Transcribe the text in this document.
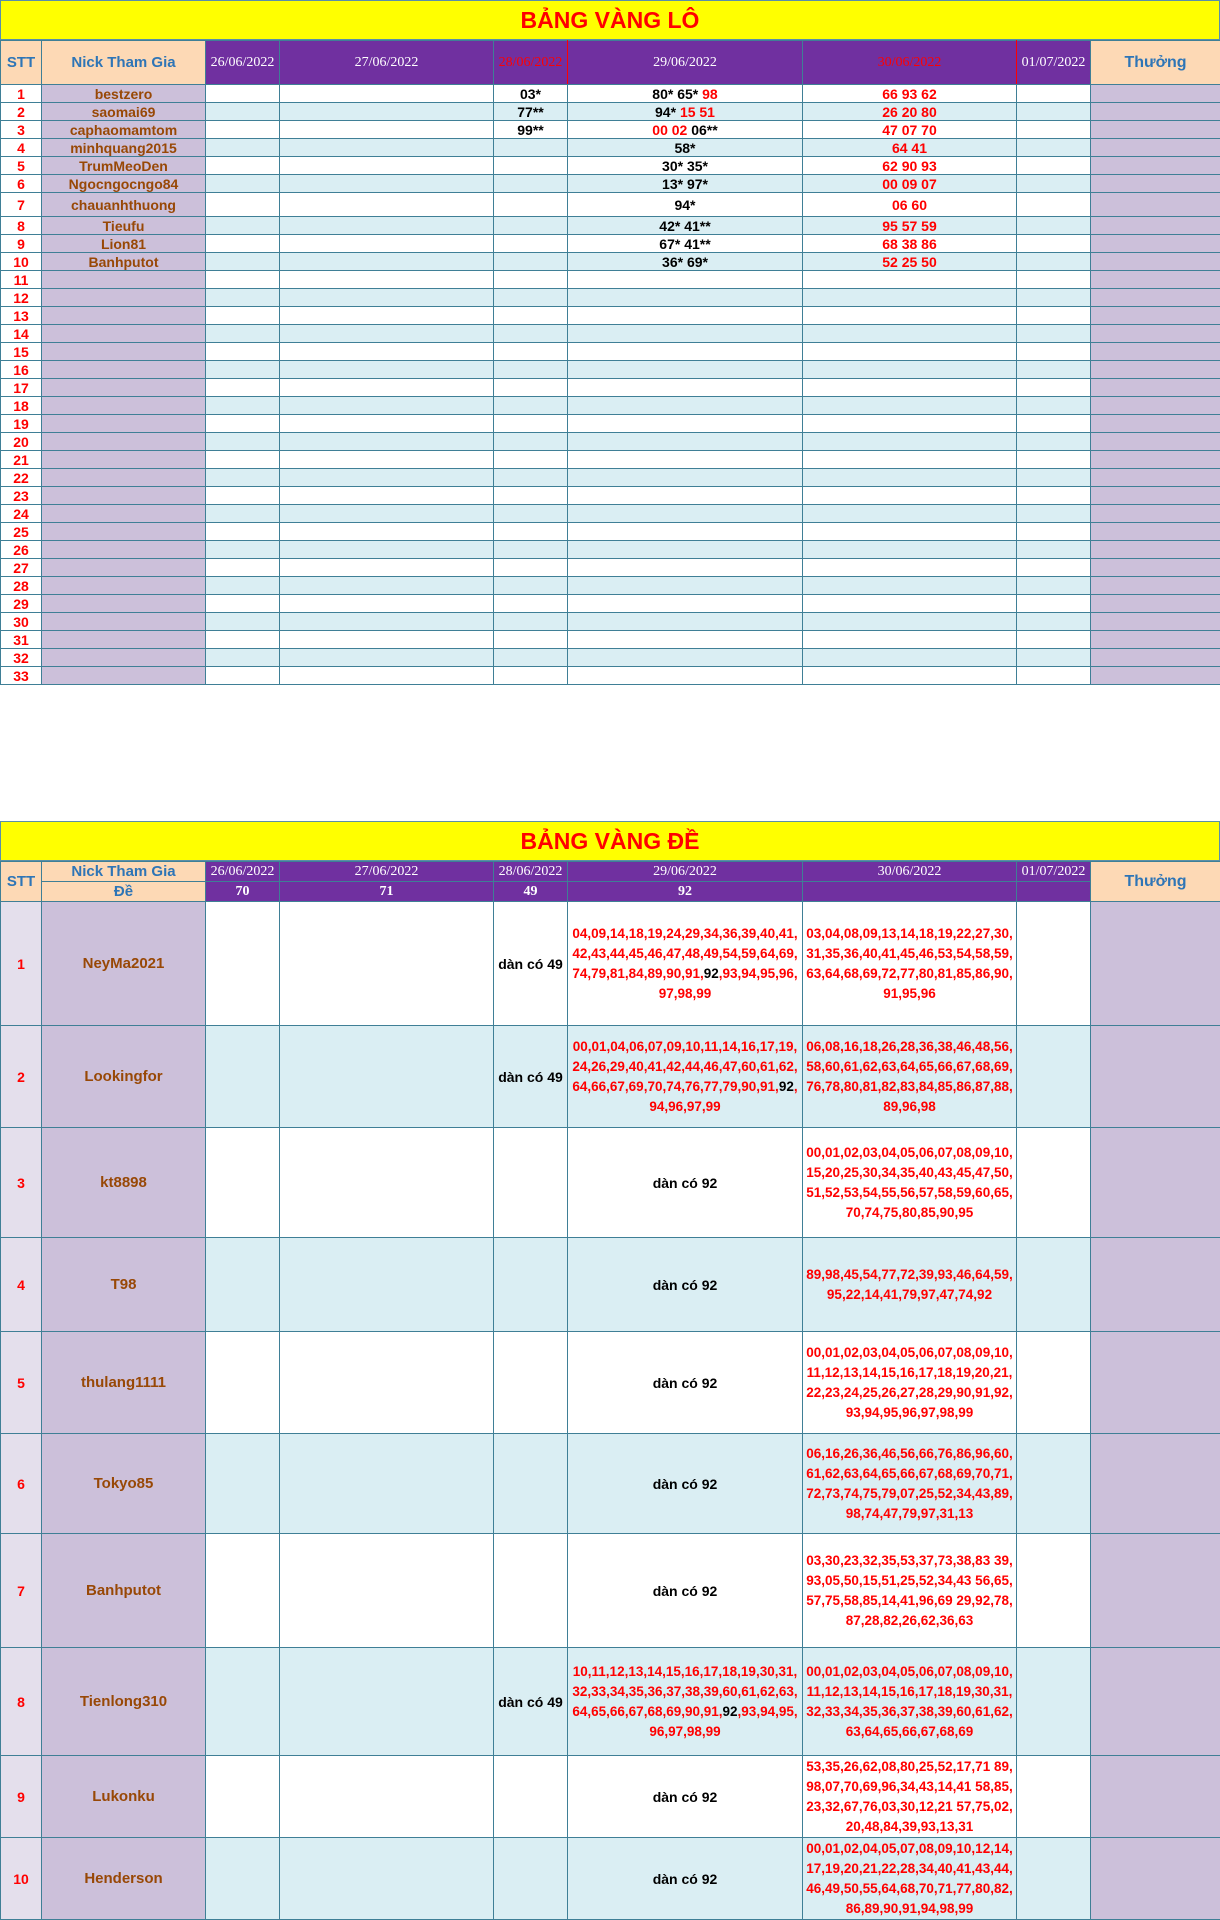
BẢNG VÀNG LÔ
STT	Nick Tham Gia	26/06/2022	27/06/2022	28/06/2022	29/06/2022	30/06/2022	01/07/2022	Thưởng
1	bestzero			03*	80* 65* 98	66 93 62		
2	saomai69			77**	94* 15 51	26 20 80		
3	caphaomamtom			99**	00 02 06**	47 07 70		
4	minhquang2015				58*	64 41		
5	TrumMeoDen				30* 35*	62 90 93		
6	Ngocngocngo84				13* 97*	00 09 07		
7	chauanhthuong				94*	06 60		
8	Tieufu				42* 41**	95 57 59		
9	Lion81				67* 41**	68 38 86		
10	Banhputot				36* 69*	52 25 50		
11								
12								
13								
14								
15								
16								
17								
18								
19								
20								
21								
22								
23								
24								
25								
26								
27								
28								
29								
30								
31								
32								
33								
BẢNG VÀNG ĐỀ
STT	Nick Tham Gia	26/06/2022	27/06/2022	28/06/2022	29/06/2022	30/06/2022	01/07/2022	Thưởng
	Đề	70	71	49	92			
1	NeyMa2021			dàn có 49	04,09,14,18,19,24,29,34,36,39,40,41,42,43,44,45,46,47,48,49,54,59,64,69,74,79,81,84,89,90,91,92,93,94,95,96,97,98,99	03,04,08,09,13,14,18,19,22,27,30,31,35,36,40,41,45,46,53,54,58,59,63,64,68,69,72,77,80,81,85,86,90,91,95,96		

2	Lookingfor			dàn có 49	00,01,04,06,07,09,10,11,14,16,17,19,24,26,29,40,41,42,44,46,47,60,61,62,64,66,67,69,70,74,76,77,79,90,91,92,94,96,97,99	06,08,16,18,26,28,36,38,46,48,56,58,60,61,62,63,64,65,66,67,68,69,76,78,80,81,82,83,84,85,86,87,88,89,96,98		

3	kt8898				dàn có 92	00,01,02,03,04,05,06,07,08,09,10,15,20,25,30,34,35,40,43,45,47,50,51,52,53,54,55,56,57,58,59,60,65,70,74,75,80,85,90,95		

4	T98				dàn có 92	89,98,45,54,77,72,39,93,46,64,59,95,22,14,41,79,97,47,74,92		

5	thulang1111				dàn có 92	00,01,02,03,04,05,06,07,08,09,10,11,12,13,14,15,16,17,18,19,20,21,22,23,24,25,26,27,28,29,90,91,92,93,94,95,96,97,98,99		

6	Tokyo85				dàn có 92	06,16,26,36,46,56,66,76,86,96,60,61,62,63,64,65,66,67,68,69,70,71,72,73,74,75,79,07,25,52,34,43,89,98,74,47,79,97,31,13		

7	Banhputot				dàn có 92	03,30,23,32,35,53,37,73,38,83 39,93,05,50,15,51,25,52,34,43 56,65,57,75,58,85,14,41,96,69 29,92,78,87,28,82,26,62,36,63		

8	Tienlong310			dàn có 49	10,11,12,13,14,15,16,17,18,19,30,31,32,33,34,35,36,37,38,39,60,61,62,63,64,65,66,67,68,69,90,91,92,93,94,95,96,97,98,99	00,01,02,03,04,05,06,07,08,09,10,11,12,13,14,15,16,17,18,19,30,31,32,33,34,35,36,37,38,39,60,61,62,63,64,65,66,67,68,69		

9	Lukonku				dàn có 92	53,35,26,62,08,80,25,52,17,71 89,98,07,70,69,96,34,43,14,41 58,85,23,32,67,76,03,30,12,21 57,75,02,20,48,84,39,93,13,31		

10	Henderson				dàn có 92	00,01,02,04,05,07,08,09,10,12,14,17,19,20,21,22,28,34,40,41,43,44,46,49,50,55,64,68,70,71,77,80,82,86,89,90,91,94,98,99		
